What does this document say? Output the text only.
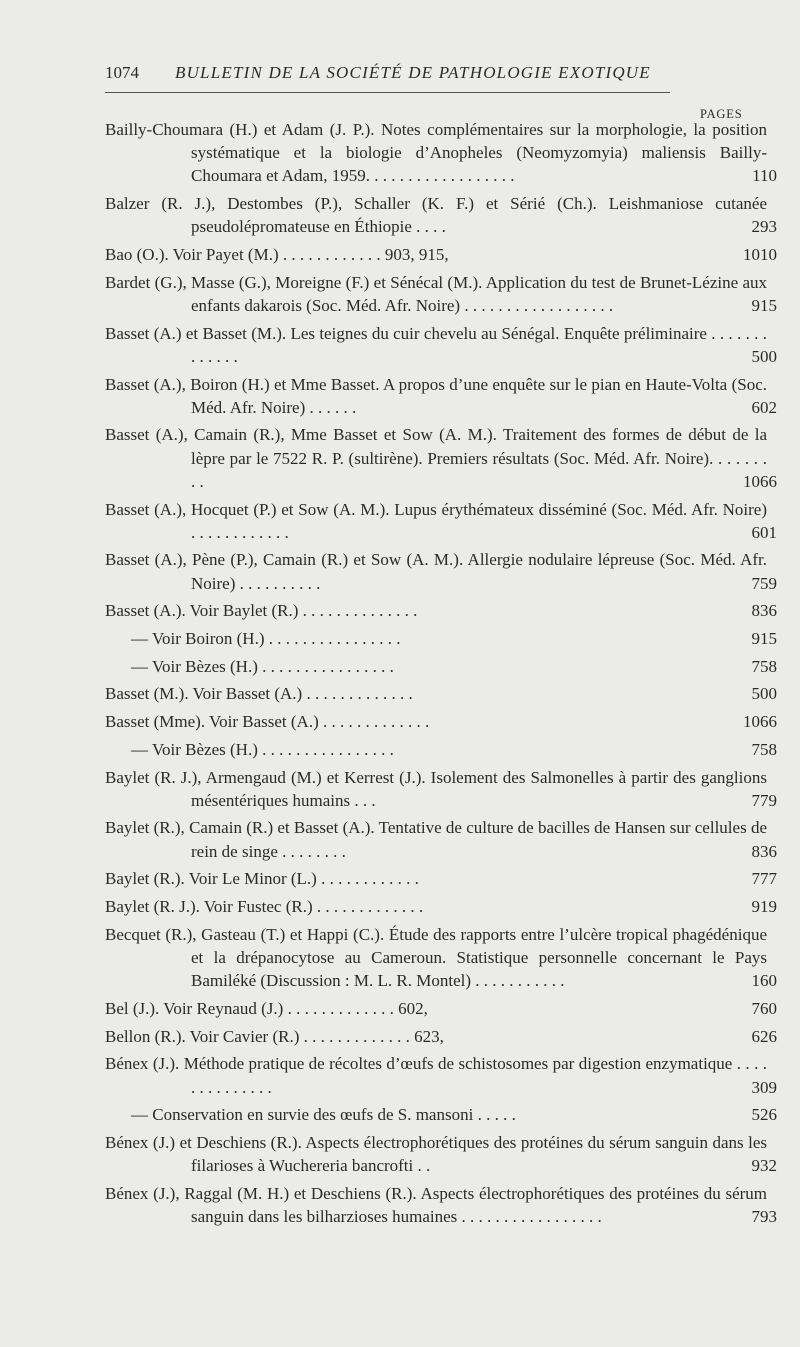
1074 BULLETIN DE LA SOCIÉTÉ DE PATHOLOGIE EXOTIQUE
PAGES
Bailly-Choumara (H.) et Adam (J. P.). Notes complémentaires sur la morphologie, la position systématique et la biologie d’Anopheles (Neomyzomyia) maliensis Bailly-Choumara et Adam, 1959. . . . . . . . . . . . . . . . . .	110
Balzer (R. J.), Destombes (P.), Schaller (K. F.) et Sérié (Ch.). Leishmaniose cutanée pseudolépromateuse en Éthiopie . . . .	293
Bao (O.). Voir Payet (M.) . . . . . . . . . . . . 903, 915,	1010
Bardet (G.), Masse (G.), Moreigne (F.) et Sénécal (M.). Application du test de Brunet-Lézine aux enfants dakarois (Soc. Méd. Afr. Noire) . . . . . . . . . . . . . . . . . .	915
Basset (A.) et Basset (M.). Les teignes du cuir chevelu au Sénégal. Enquête préliminaire . . . . . . . . . . . . .	500
Basset (A.), Boiron (H.) et Mme Basset. A propos d’une enquête sur le pian en Haute-Volta (Soc. Méd. Afr. Noire) . . . . . .	602
Basset (A.), Camain (R.), Mme Basset et Sow (A. M.). Traitement des formes de début de la lèpre par le 7522 R. P. (sultirène). Premiers résultats (Soc. Méd. Afr. Noire). . . . . . . . .	1066
Basset (A.), Hocquet (P.) et Sow (A. M.). Lupus érythémateux disséminé (Soc. Méd. Afr. Noire) . . . . . . . . . . . .	601
Basset (A.), Pène (P.), Camain (R.) et Sow (A. M.). Allergie nodulaire lépreuse (Soc. Méd. Afr. Noire) . . . . . . . . . .	759
Basset (A.). Voir Baylet (R.) . . . . . . . . . . . . . .	836
— Voir Boiron (H.) . . . . . . . . . . . . . . . .	915
— Voir Bèzes (H.) . . . . . . . . . . . . . . . .	758
Basset (M.). Voir Basset (A.) . . . . . . . . . . . . .	500
Basset (Mme). Voir Basset (A.) . . . . . . . . . . . . .	1066
— Voir Bèzes (H.) . . . . . . . . . . . . . . . .	758
Baylet (R. J.), Armengaud (M.) et Kerrest (J.). Isolement des Salmonelles à partir des ganglions mésentériques humains . . .	779
Baylet (R.), Camain (R.) et Basset (A.). Tentative de culture de bacilles de Hansen sur cellules de rein de singe . . . . . . . .	836
Baylet (R.). Voir Le Minor (L.) . . . . . . . . . . . .	777
Baylet (R. J.). Voir Fustec (R.) . . . . . . . . . . . . .	919
Becquet (R.), Gasteau (T.) et Happi (C.). Étude des rapports entre l’ulcère tropical phagédénique et la drépanocytose au Cameroun. Statistique personnelle concernant le Pays Bamiléké (Discussion : M. L. R. Montel) . . . . . . . . . . .	160
Bel (J.). Voir Reynaud (J.) . . . . . . . . . . . . . 602,	760
Bellon (R.). Voir Cavier (R.) . . . . . . . . . . . . . 623,	626
Bénex (J.). Méthode pratique de récoltes d’œufs de schistosomes par digestion enzymatique . . . . . . . . . . . . . .	309
— Conservation en survie des œufs de S. mansoni . . . . .	526
Bénex (J.) et Deschiens (R.). Aspects électrophorétiques des protéines du sérum sanguin dans les filarioses à Wuchereria bancrofti . .	932
Bénex (J.), Raggal (M. H.) et Deschiens (R.). Aspects électrophorétiques des protéines du sérum sanguin dans les bilharzioses humaines . . . . . . . . . . . . . . . . .	793
